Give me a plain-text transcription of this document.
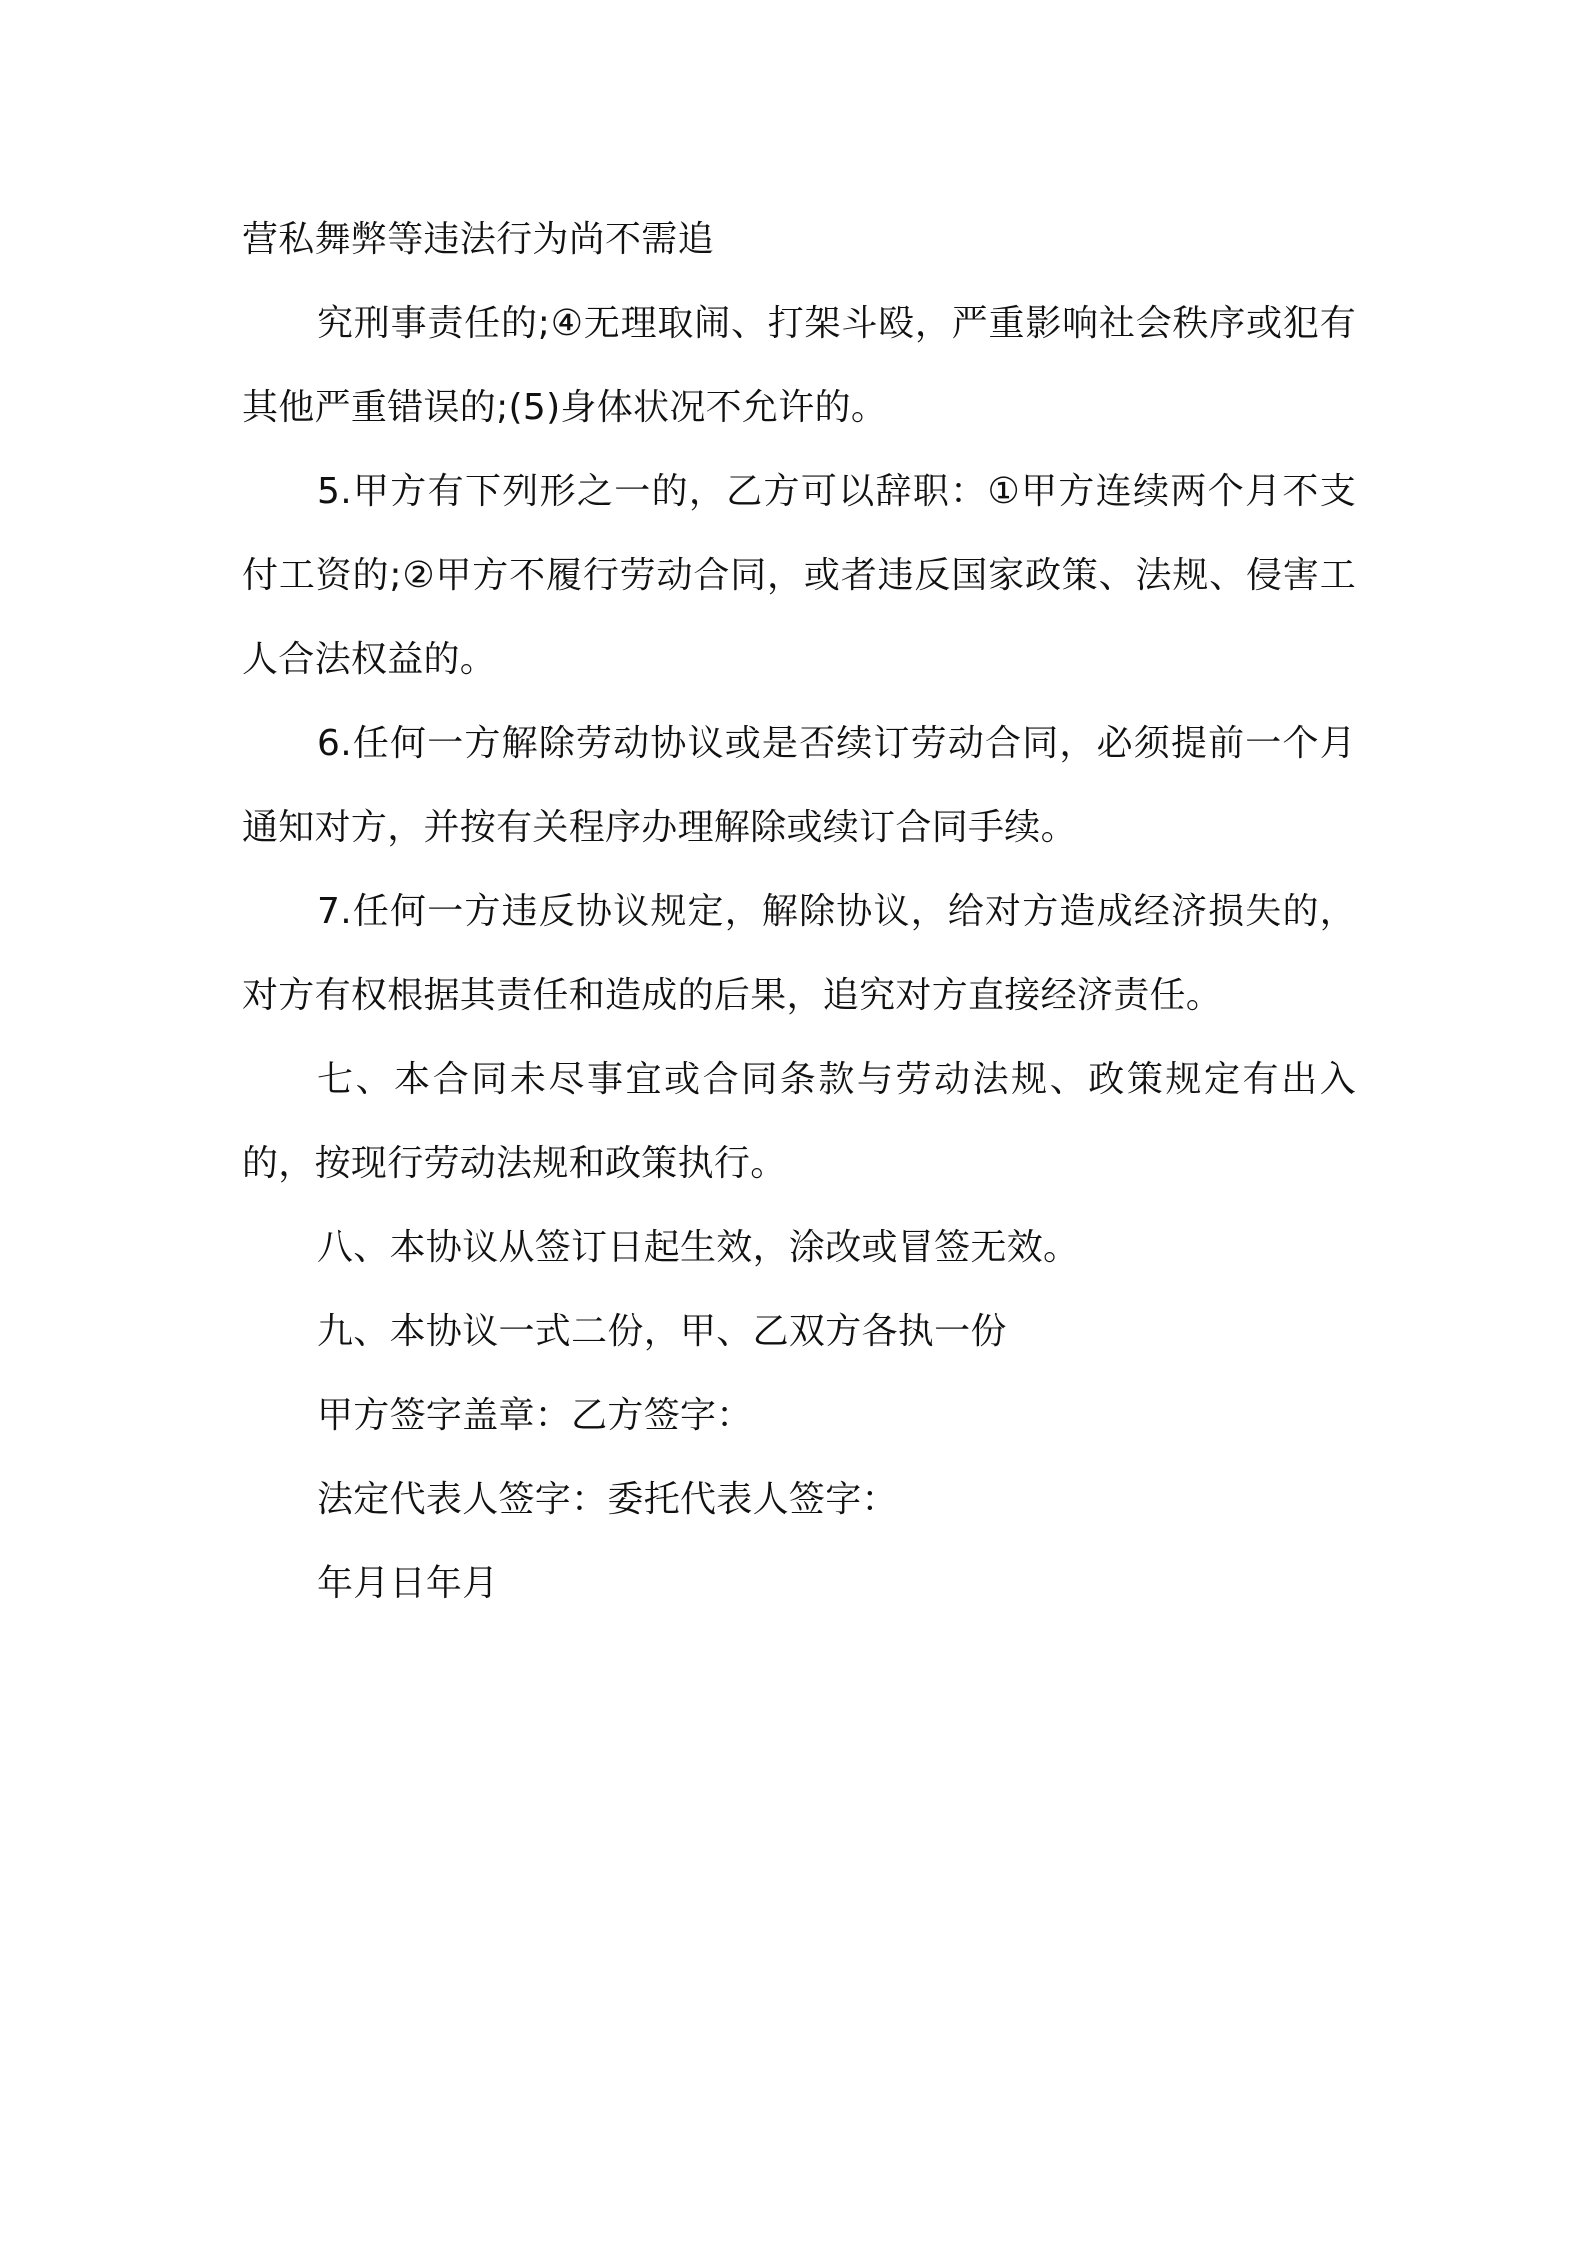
营私舞弊等违法行为尚不需追

究刑事责任的;④无理取闹、打架斗殴，严重影响社会秩序或犯有其他严重错误的;(5)身体状况不允许的。

5.甲方有下列形之一的，乙方可以辞职：①甲方连续两个月不支付工资的;②甲方不履行劳动合同，或者违反国家政策、法规、侵害工人合法权益的。

6.任何一方解除劳动协议或是否续订劳动合同，必须提前一个月通知对方，并按有关程序办理解除或续订合同手续。

7.任何一方违反协议规定，解除协议，给对方造成经济损失的，对方有权根据其责任和造成的后果，追究对方直接经济责任。

七、本合同未尽事宜或合同条款与劳动法规、政策规定有出入的，按现行劳动法规和政策执行。

八、本协议从签订日起生效，涂改或冒签无效。

九、本协议一式二份，甲、乙双方各执一份

甲方签字盖章：乙方签字：

法定代表人签字：委托代表人签字：

年月日年月
